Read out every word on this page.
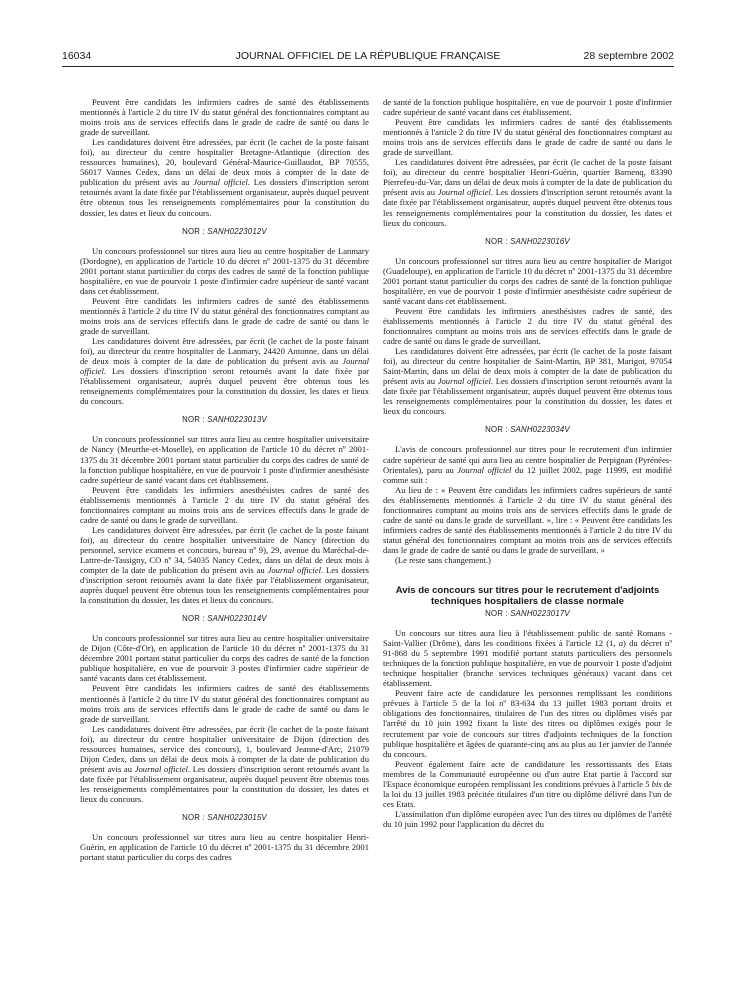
16034	JOURNAL OFFICIEL DE LA RÉPUBLIQUE FRANÇAISE	28 septembre 2002

Peuvent être candidats les infirmiers cadres de santé des établissements mentionnés à l'article 2 du titre IV du statut général des fonctionnaires comptant au moins trois ans de services effectifs dans le grade de cadre de santé ou dans le grade de surveillant.

Les candidatures doivent être adressées, par écrit (le cachet de la poste faisant foi), au directeur du centre hospitalier Bretagne-Atlantique (direction des ressources humaines), 20, boulevard Général-Maurice-Guillaudot, BP 70555, 56017 Vannes Cedex, dans un délai de deux mois à compter de la date de publication du présent avis au Journal officiel. Les dossiers d'inscription seront retournés avant la date fixée par l'établissement organisateur, auprès duquel peuvent être obtenus tous les renseignements complémentaires pour la constitution du dossier, les dates et lieux du concours.

NOR : SANH0223012V

Un concours professionnel sur titres aura lieu au centre hospitalier de Lanmary (Dordogne), en application de l'article 10 du décret nº 2001-1375 du 31 décembre 2001 portant statut particulier du corps des cadres de santé de la fonction publique hospitalière, en vue de pourvoir 1 poste d'infirmier cadre supérieur de santé vacant dans cet établissement.

Peuvent être candidats les infirmiers cadres de santé des établissements mentionnés à l'article 2 du titre IV du statut général des fonctionnaires comptant au moins trois ans de services effectifs dans le grade de cadre de santé ou dans le grade de surveillant.

Les candidatures doivent être adressées, par écrit (le cachet de la poste faisant foi), au directeur du centre hospitalier de Lanmary, 24420 Antonne, dans un délai de deux mois à compter de la date de publication du présent avis au Journal officiel. Les dossiers d'inscription seront retournés avant la date fixée par l'établissement organisateur, auprès duquel peuvent être obtenus tous les renseignements complémentaires pour la constitution du dossier, les dates et lieux du concours.

NOR : SANH0223013V

Un concours professionnel sur titres aura lieu au centre hospitalier universitaire de Nancy (Meurthe-et-Moselle), en application de l'article 10 du décret nº 2001-1375 du 31 décembre 2001 portant statut particulier du corps des cadres de santé de la fonction publique hospitalière, en vue de pourvoir 1 poste d'infirmier anesthésiste cadre supérieur de santé vacant dans cet établissement.

Peuvent être candidats les infirmiers anesthésistes cadres de santé des établissements mentionnés à l'article 2 du titre IV du statut général des fonctionnaires comptant au moins trois ans de services effectifs dans le grade de cadre de santé ou dans le grade de surveillant.

Les candidatures doivent être adressées, par écrit (le cachet de la poste faisant foi), au directeur du centre hospitalier universitaire de Nancy (direction du personnel, service examens et concours, bureau nº 9), 29, avenue du Maréchal-de-Lattre-de-Tassigny, CO nº 34, 54035 Nancy Cedex, dans un délai de deux mois à compter de la date de publication du présent avis au Journal officiel. Les dossiers d'inscription seront retournés avant la date fixée par l'établissement organisateur, auprès duquel peuvent être obtenus tous les renseignements complémentaires pour la constitution du dossier, les dates et lieux du concours.

NOR : SANH0223014V

Un concours professionnel sur titres aura lieu au centre hospitalier universitaire de Dijon (Côte-d'Or), en application de l'article 10 du décret nº 2001-1375 du 31 décembre 2001 portant statut particulier du corps des cadres de santé de la fonction publique hospitalière, en vue de pourvoir 3 postes d'infirmier cadre supérieur de santé vacants dans cet établissement.

Peuvent être candidats les infirmiers cadres de santé des établissements mentionnés à l'article 2 du titre IV du statut général des fonctionnaires comptant au moins trois ans de services effectifs dans le grade de cadre de santé ou dans le grade de surveillant.

Les candidatures doivent être adressées, par écrit (le cachet de la poste faisant foi), au directeur du centre hospitalier universitaire de Dijon (direction des ressources humaines, service des concours), 1, boulevard Jeanne-d'Arc, 21079 Dijon Cedex, dans un délai de deux mois à compter de la date de publication du présent avis au Journal officiel. Les dossiers d'inscription seront retournés avant la date fixée par l'établissement organisateur, auprès duquel peuvent être obtenus tous les renseignements complémentaires pour la constitution du dossier, les dates et lieux du concours.

NOR : SANH0223015V

Un concours professionnel sur titres aura lieu au centre hospitalier Henri-Guérin, en application de l'article 10 du décret nº 2001-1375 du 31 décembre 2001 portant statut particulier du corps des cadres

de santé de la fonction publique hospitalière, en vue de pourvoir 1 poste d'infirmier cadre supérieur de santé vacant dans cet établissement.

Peuvent être candidats les infirmiers cadres de santé des établissements mentionnés à l'article 2 du titre IV du statut général des fonctionnaires comptant au moins trois ans de services effectifs dans le grade de cadre de santé ou dans le grade de surveillant.

Les candidatures doivent être adressées, par écrit (le cachet de la poste faisant foi), au directeur du centre hospitalier Henri-Guérin, quartier Barnenq, 83390 Pierrefeu-du-Var, dans un délai de deux mois à compter de la date de publication du présent avis au Journal officiel. Les dossiers d'inscription seront retournés avant la date fixée par l'établissement organisateur, auprès duquel peuvent être obtenus tous les renseignements complémentaires pour la constitution du dossier, les dates et lieux du concours.

NOR : SANH0223016V

Un concours professionnel sur titres aura lieu au centre hospitalier de Marigot (Guadeloupe), en application de l'article 10 du décret nº 2001-1375 du 31 décembre 2001 portant statut particulier du corps des cadres de santé de la fonction publique hospitalière, en vue de pourvoir 1 poste d'infirmier anesthésiste cadre supérieur de santé vacant dans cet établissement.

Peuvent être candidats les infirmiers anesthésistes cadres de santé, des établissements mentionnés à l'article 2 du titre IV du statut général des fonctionnaires comptant au moins trois ans de services effectifs dans le grade de cadre de santé ou dans le grade de surveillant.

Les candidatures doivent être adressées, par écrit (le cachet de la poste faisant foi), au directeur du centre hospitalier de Saint-Martin, BP 381, Marigot, 97054 Saint-Martin, dans un délai de deux mois à compter de la date de publication du présent avis au Journal officiel. Les dossiers d'inscription seront retournés avant la date fixée par l'établissement organisateur, auprès duquel peuvent être obtenus tous les renseignements complémentaires pour la constitution du dossier, les dates et lieux du concours.

NOR : SANH0223034V

L'avis de concours professionnel sur titres pour le recrutement d'un infirmier cadre supérieur de santé qui aura lieu au centre hospitalier de Perpignan (Pyrénées-Orientales), paru au Journal officiel du 12 juillet 2002, page 11999, est modifié comme suit :

Au lieu de : « Peuvent être candidats les infirmiers cadres supérieurs de santé des établissements mentionnés à l'article 2 du titre IV du statut général des fonctionnaires comptant au moins trois ans de services effectifs dans le grade de cadre de santé ou dans le grade de surveillant. », lire : « Peuvent être candidats les infirmiers cadres de santé des établissements mentionnés à l'article 2 du titre IV du statut général des fonctionnaires comptant au moins trois ans de services effectifs dans le grade de cadre de santé ou dans le grade de surveillant. »

(Le reste sans changement.)

Avis de concours sur titres pour le recrutement d'adjoints techniques hospitaliers de classe normale
NOR : SANH0223017V

Un concours sur titres aura lieu à l'établissement public de santé Romans - Saint-Vallier (Drôme), dans les conditions fixées à l'article 12 (1, a) du décret nº 91-868 du 5 septembre 1991 modifié portant statuts particuliers des personnels techniques de la fonction publique hospitalière, en vue de pourvoir 1 poste d'adjoint technique hospitalier (branche services techniques généraux) vacant dans cet établissement.

Peuvent faire acte de candidature les personnes remplissant les conditions prévues à l'article 5 de la loi nº 83-634 du 13 juillet 1983 portant droits et obligations des fonctionnaires, titulaires de l'un des titres ou diplômes visés par l'arrêté du 10 juin 1992 fixant la liste des titres ou diplômes exigés pour le recrutement par voie de concours sur titres d'adjoints techniques de la fonction publique hospitalière et âgées de quarante-cinq ans au plus au 1er janvier de l'année du concours.

Peuvent également faire acte de candidature les ressortissants des Etats membres de la Communauté européenne ou d'un autre Etat partie à l'accord sur l'Espace économique européen remplissant les conditions prévues à l'article 5 bis de la loi du 13 juillet 1983 précitée titulaires d'un titre ou diplôme délivré dans l'un de ces Etats.

L'assimilation d'un diplôme européen avec l'un des titres ou diplômes de l'arrêté du 10 juin 1992 pour l'application du décret du
